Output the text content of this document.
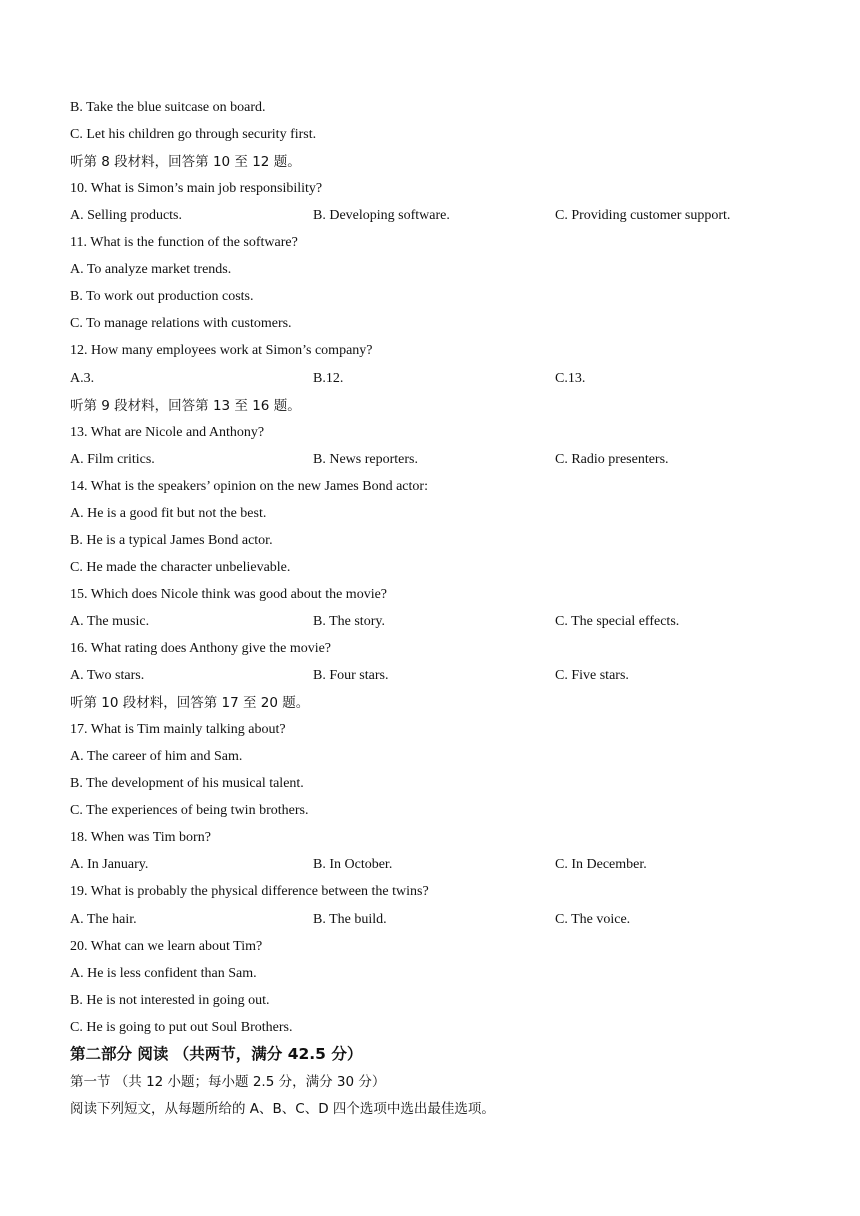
B. Take the blue suitcase on board.
C. Let his children go through security first.
听第 8 段材料，回答第 10 至 12 题。
10. What is Simon’s main job responsibility?
A. Selling products.	B. Developing software.	C. Providing customer support.
11. What is the function of the software?
A. To analyze market trends.
B. To work out production costs.
C. To manage relations with customers.
12. How many employees work at Simon’s company?
A.3.	B.12.	C.13.
听第 9 段材料，回答第 13 至 16 题。
13. What are Nicole and Anthony?
A. Film critics.	B. News reporters.	C. Radio presenters.
14. What is the speakers’ opinion on the new James Bond actor:
A. He is a good fit but not the best.
B. He is a typical James Bond actor.
C. He made the character unbelievable.
15. Which does Nicole think was good about the movie?
A. The music.	B. The story.	C. The special effects.
16. What rating does Anthony give the movie?
A. Two stars.	B. Four stars.	C. Five stars.
听第 10 段材料，回答第 17 至 20 题。
17. What is Tim mainly talking about?
A. The career of him and Sam.
B. The development of his musical talent.
C. The experiences of being twin brothers.
18. When was Tim born?
A. In January.	B. In October.	C. In December.
19. What is probably the physical difference between the twins?
A. The hair.	B. The build.	C. The voice.
20. What can we learn about Tim?
A. He is less confident than Sam.
B. He is not interested in going out.
C. He is going to put out Soul Brothers.
第二部分 阅读 （共两节，满分 42.5 分）
第一节 （共 12 小题；每小题 2.5 分，满分 30 分）
阅读下列短文，从每题所给的 A、B、C、D 四个选项中选出最佳选项。
